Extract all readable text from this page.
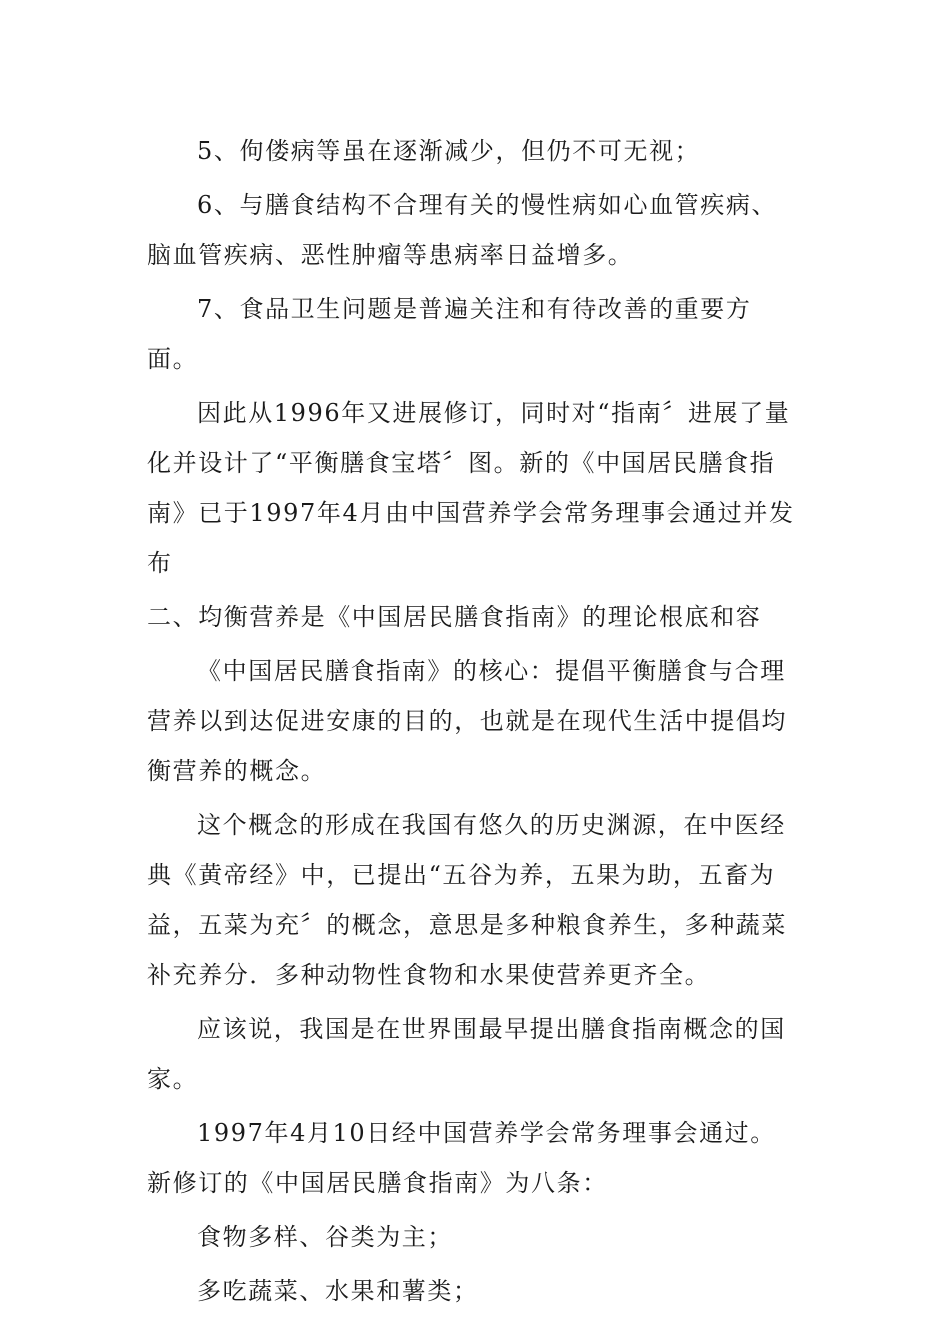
5、佝偻病等虽在逐渐减少，但仍不可无视；

6、与膳食结构不合理有关的慢性病如心血管疾病、脑血管疾病、恶性肿瘤等患病率日益增多。

7、食品卫生问题是普遍关注和有待改善的重要方面。

因此从1996年又进展修订，同时对“指南〞进展了量化并设计了“平衡膳食宝塔〞图。新的《中国居民膳食指南》已于1997年4月由中国营养学会常务理事会通过并发布

二、均衡营养是《中国居民膳食指南》的理论根底和容

《中国居民膳食指南》的核心：提倡平衡膳食与合理营养以到达促进安康的目的，也就是在现代生活中提倡均衡营养的概念。

这个概念的形成在我国有悠久的历史渊源，在中医经典《黄帝经》中，已提出“五谷为养，五果为助，五畜为益，五菜为充〞的概念，意思是多种粮食养生，多种蔬菜补充养分．多种动物性食物和水果使营养更齐全。

应该说，我国是在世界围最早提出膳食指南概念的国家。

1997年4月10日经中国营养学会常务理事会通过。新修订的《中国居民膳食指南》为八条：

食物多样、谷类为主；

多吃蔬菜、水果和薯类；
